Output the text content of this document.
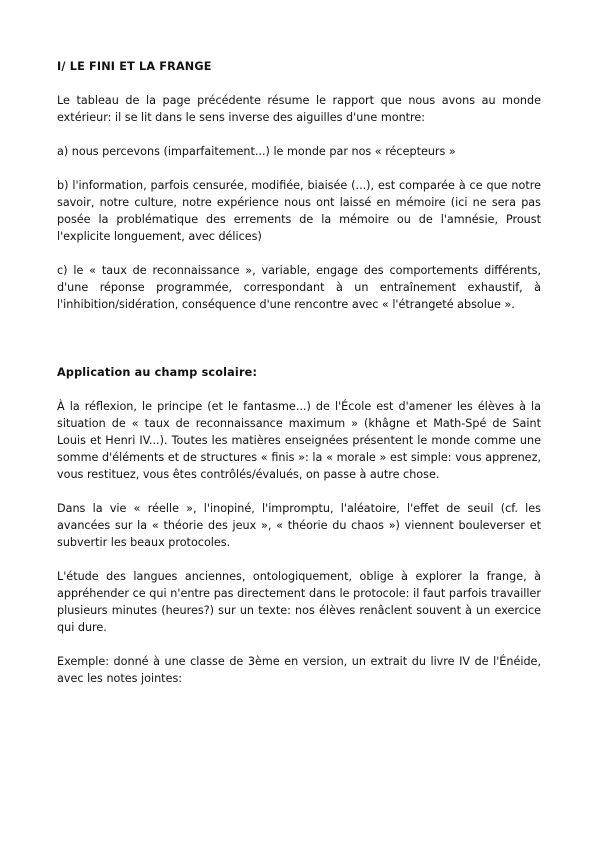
I/ LE FINI ET LA FRANGE

Le tableau de la page précédente résume le rapport que nous avons au monde extérieur: il se lit dans le sens inverse des aiguilles d'une montre:

a) nous percevons (imparfaitement...) le monde par nos « récepteurs »

b) l'information, parfois censurée, modifiée, biaisée (...), est comparée à ce que notre savoir, notre culture, notre expérience nous ont laissé en mémoire (ici ne sera pas posée la problématique des errements de la mémoire ou de l'amnésie, Proust l'explicite longuement, avec délices)

c) le « taux de reconnaissance », variable, engage des comportements différents, d'une réponse programmée, correspondant à un entraînement exhaustif, à l'inhibition/sidération, conséquence d'une rencontre avec « l'étrangeté absolue ».

Application au champ scolaire:

À la réflexion, le principe (et le fantasme...) de l'École est d'amener les élèves à la situation de « taux de reconnaissance maximum » (khâgne et Math-Spé de Saint Louis et Henri IV...). Toutes les matières enseignées présentent le monde comme une somme d'éléments et de structures « finis »: la « morale » est simple: vous apprenez, vous restituez, vous êtes contrôlés/évalués, on passe à autre chose.

Dans la vie « réelle », l'inopiné, l'impromptu, l'aléatoire, l'effet de seuil (cf. les avancées sur la « théorie des jeux », « théorie du chaos ») viennent bouleverser et subvertir les beaux protocoles.

L'étude des langues anciennes, ontologiquement, oblige à explorer la frange, à appréhender ce qui n'entre pas directement dans le protocole: il faut parfois travailler plusieurs minutes (heures?) sur un texte: nos élèves renâclent souvent à un exercice qui dure.

Exemple: donné à une classe de 3ème en version, un extrait du livre IV de l'Énéide, avec les notes jointes:
